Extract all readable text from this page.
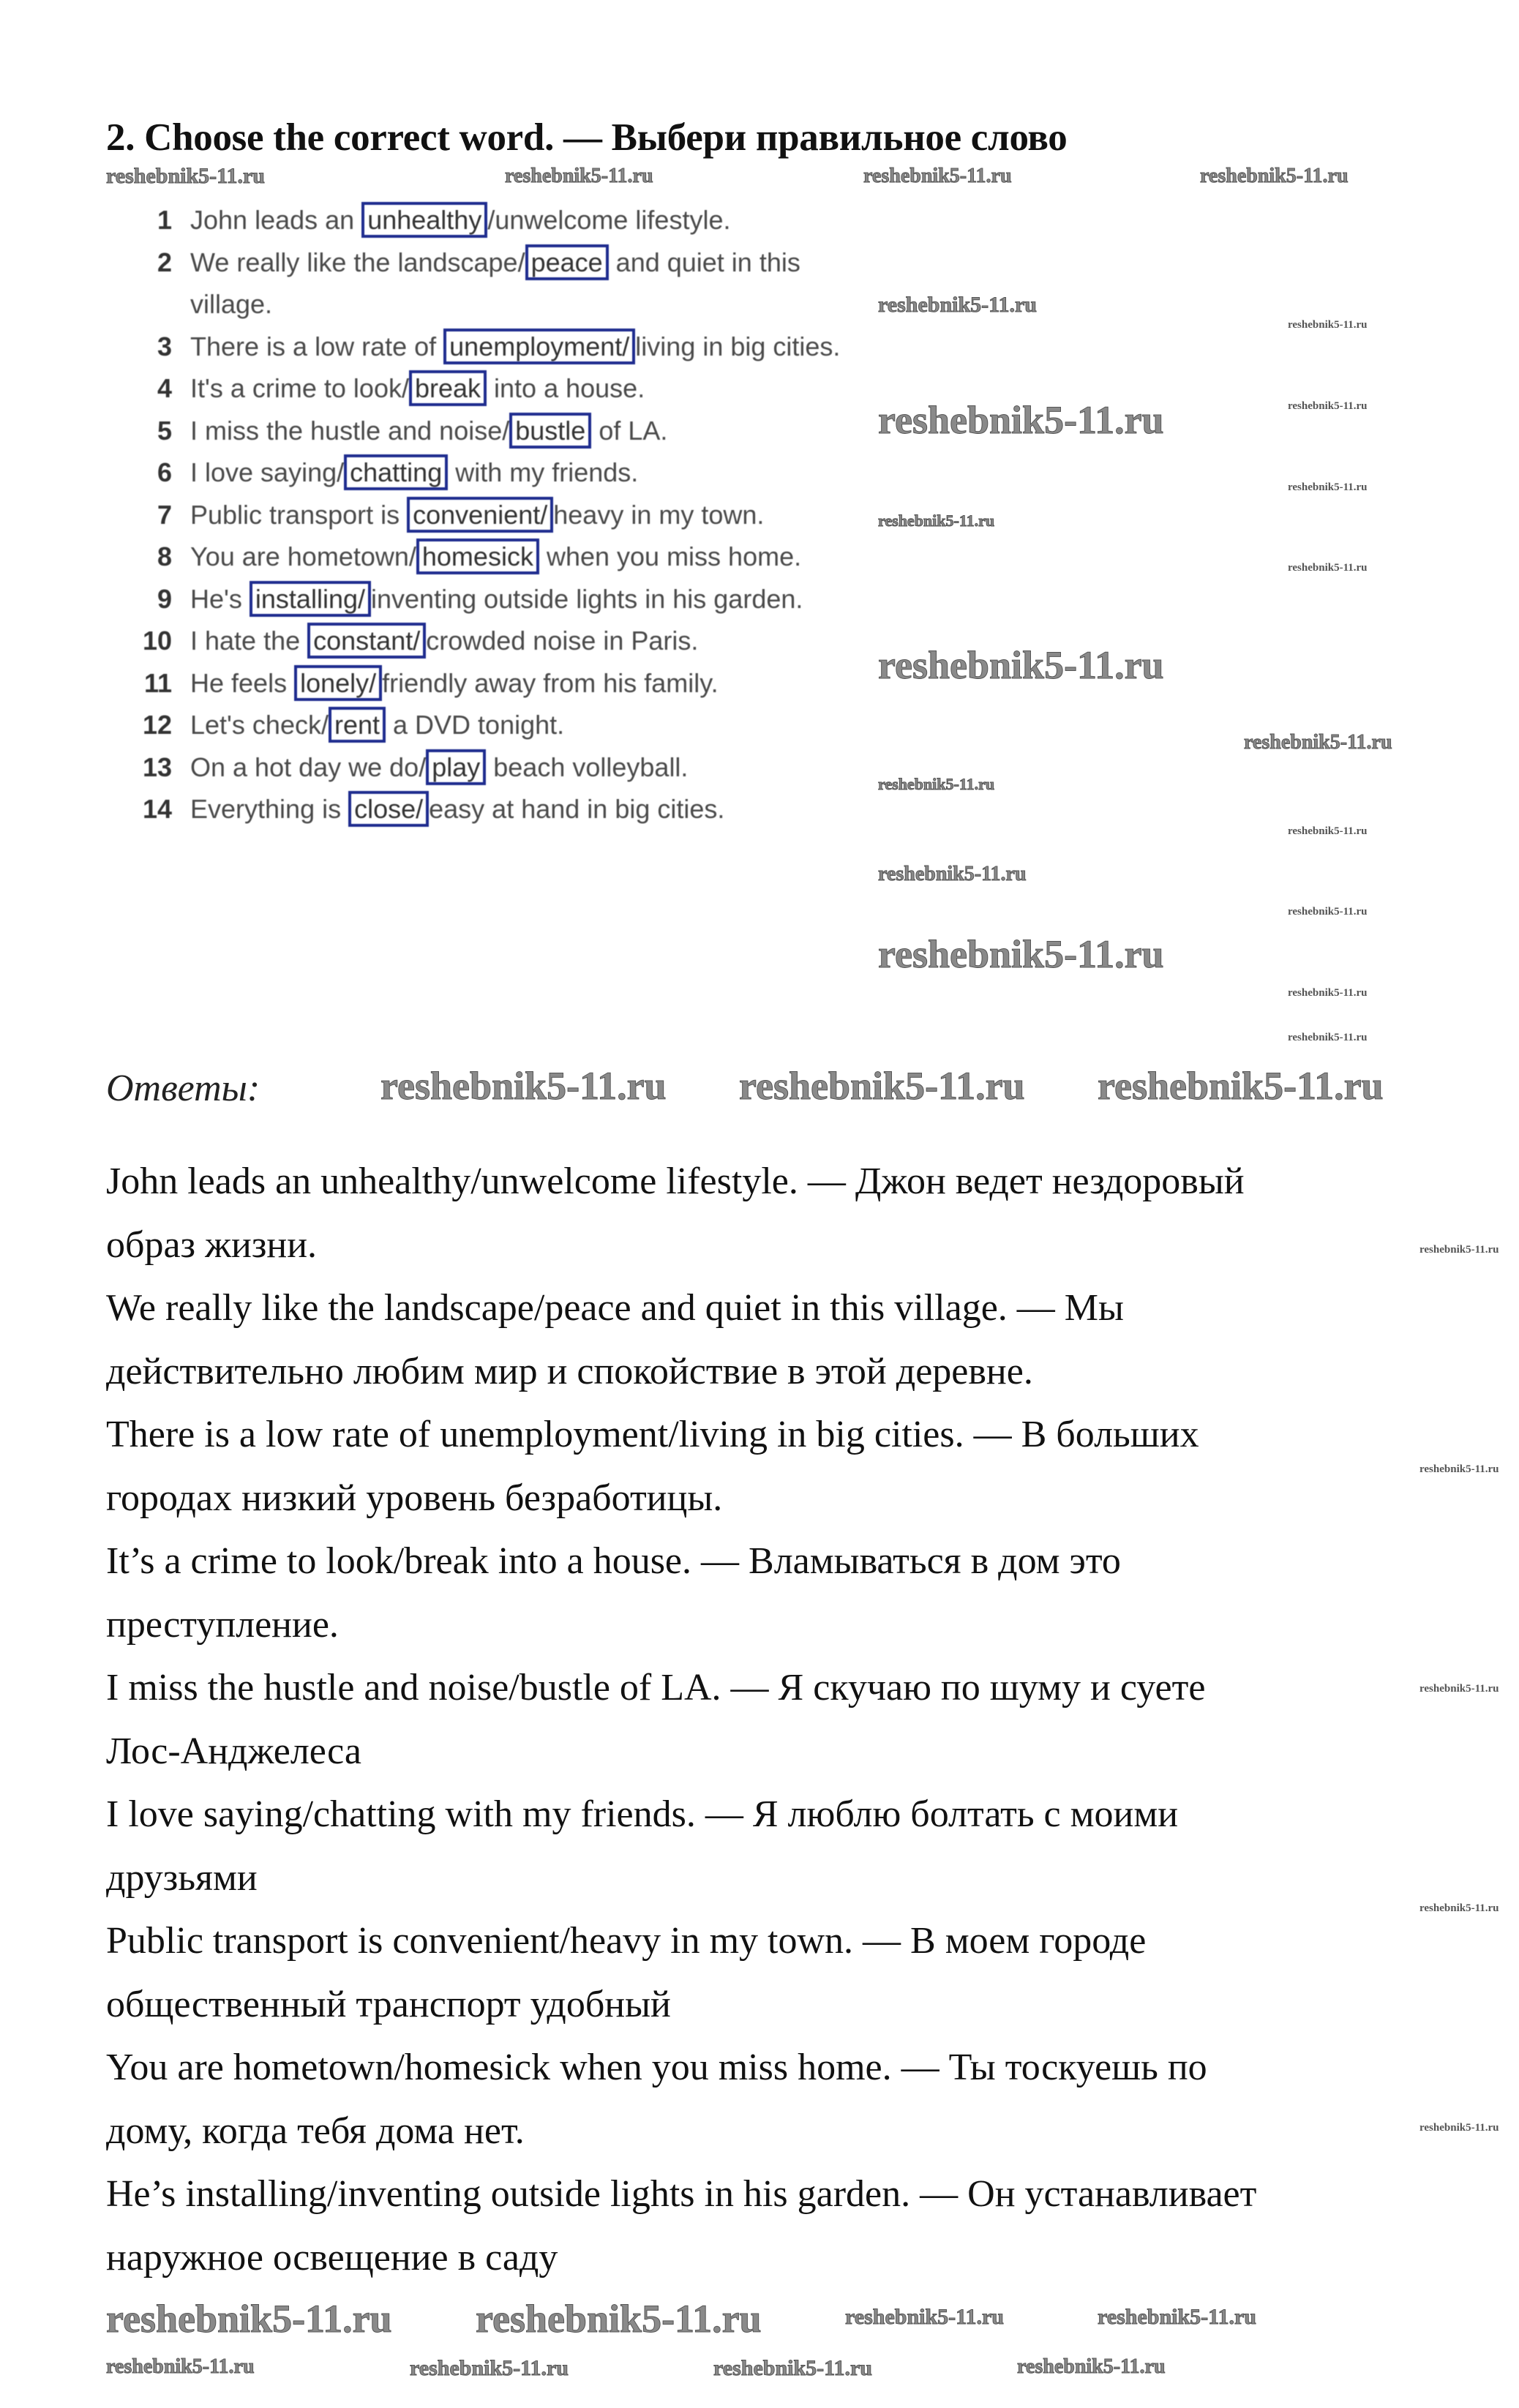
2. Choose the correct word. — Выбери правильное слово
1 John leads an unhealthy /unwelcome lifestyle.
2 We really like the landscape/ peace and quiet in this village.
3 There is a low rate of unemployment/ living in big cities.
4 It's a crime to look/ break into a house.
5 I miss the hustle and noise/ bustle of LA.
6 I love saying/ chatting with my friends.
7 Public transport is convenient/ heavy in my town.
8 You are hometown/ homesick when you miss home.
9 He's installing/ inventing outside lights in his garden.
10 I hate the constant/ crowded noise in Paris.
11 He feels lonely/ friendly away from his family.
12 Let's check/ rent a DVD tonight.
13 On a hot day we do/ play beach volleyball.
14 Everything is close/ easy at hand in big cities.
Ответы:
John leads an unhealthy/unwelcome lifestyle. — Джон ведет нездоровый
образ жизни.
We really like the landscape/peace and quiet in this village. — Мы
действительно любим мир и спокойствие в этой деревне.
There is a low rate of unemployment/living in big cities. — В больших
городах низкий уровень безработицы.
It’s a crime to look/break into a house. — Вламываться в дом это
преступление.
I miss the hustle and noise/bustle of LA. — Я скучаю по шуму и суете
Лос-Анджелеса
I love saying/chatting with my friends. — Я люблю болтать с моими
друзьями
Public transport is convenient/heavy in my town. — В моем городе
общественный транспорт удобный
You are hometown/homesick when you miss home. — Ты тоскуешь по
дому, когда тебя дома нет.
He’s installing/inventing outside lights in his garden. — Он устанавливает
наружное освещение в саду
reshebnik5-11.ru	reshebnik5-11.ru	reshebnik5-11.ru	reshebnik5-11.ru
reshebnik5-11.ru
reshebnik5-11.ru
reshebnik5-11.ru
reshebnik5-11.ru
reshebnik5-11.ru
reshebnik5-11.ru
reshebnik5-11.ru
reshebnik5-11.ru
reshebnik5-11.ru
reshebnik5-11.ru
reshebnik5-11.ru
reshebnik5-11.ru
reshebnik5-11.ru
reshebnik5-11.ru
reshebnik5-11.ru
reshebnik5-11.ru
reshebnik5-11.ru reshebnik5-11.ru reshebnik5-11.ru
reshebnik5-11.ru
reshebnik5-11.ru
reshebnik5-11.ru
reshebnik5-11.ru
reshebnik5-11.ru
reshebnik5-11.ru reshebnik5-11.ru	reshebnik5-11.ru	reshebnik5-11.ru
reshebnik5-11.ru	reshebnik5-11.ru	reshebnik5-11.ru	reshebnik5-11.ru
